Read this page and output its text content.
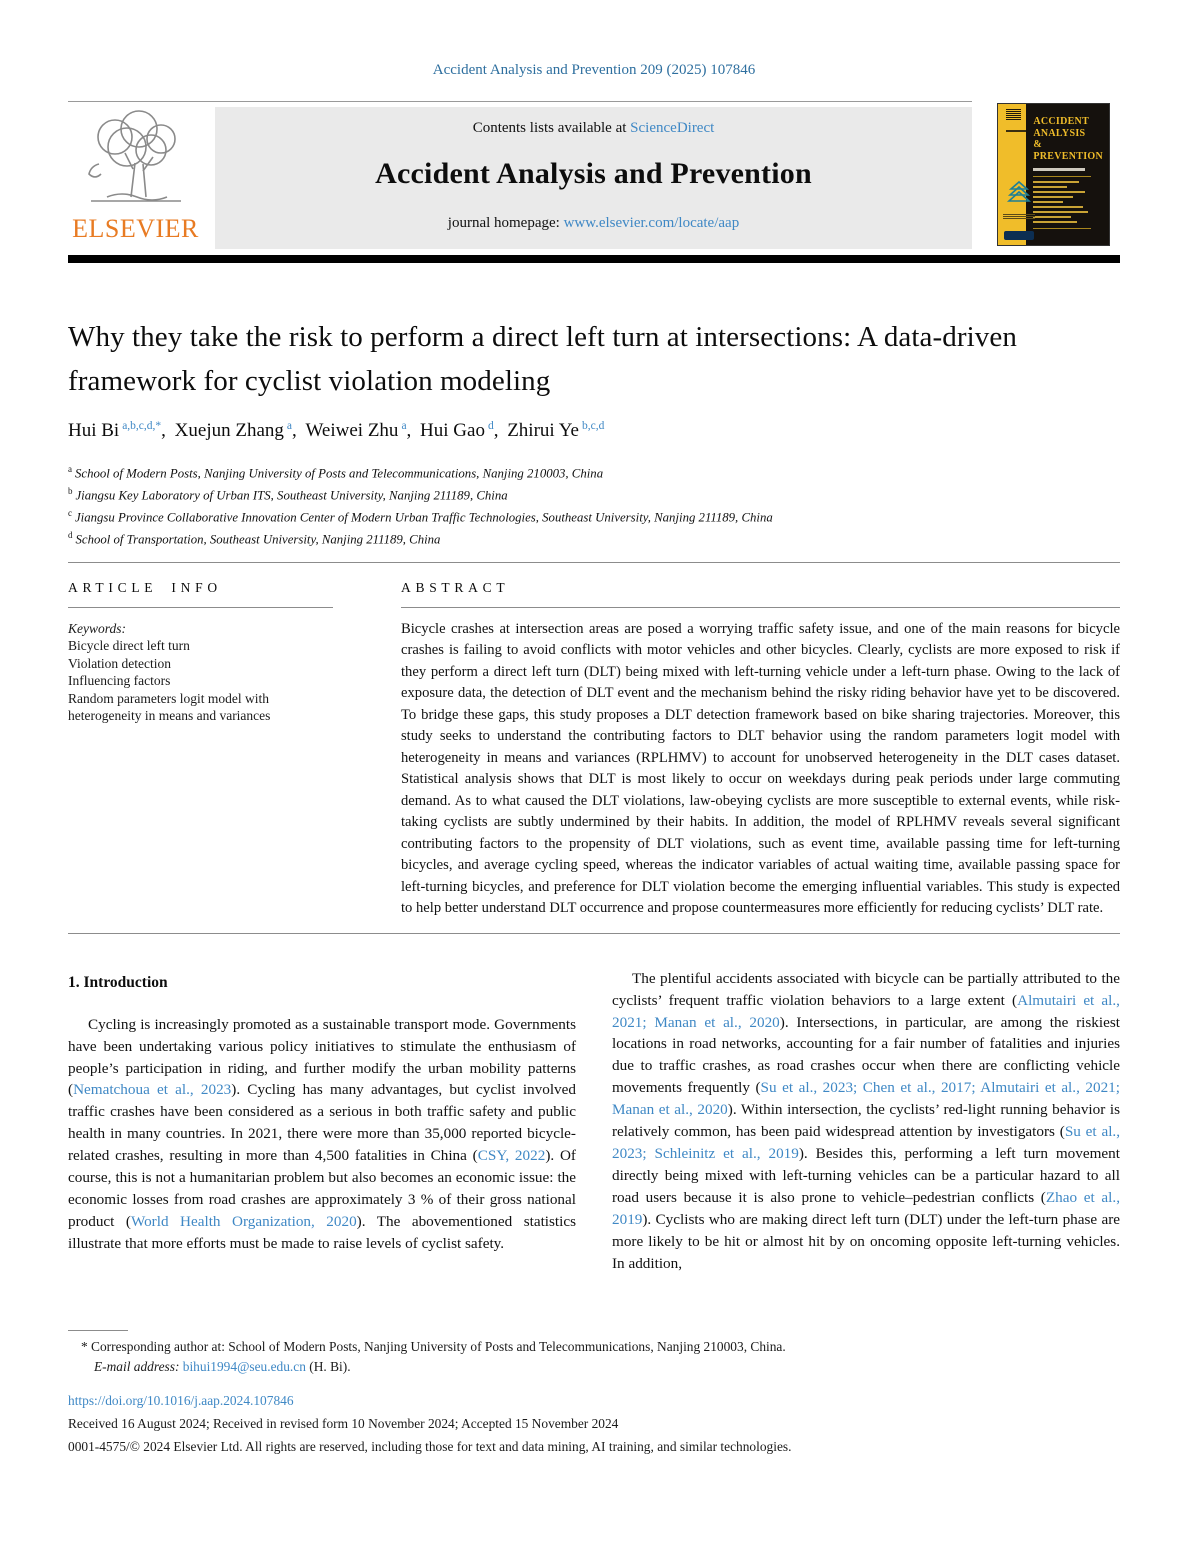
Accident Analysis and Prevention 209 (2025) 107846
ELSEVIER
Contents lists available at ScienceDirect
Accident Analysis and Prevention
journal homepage: www.elsevier.com/locate/aap
ACCIDENT
ANALYSIS
&
PREVENTION
Why they take the risk to perform a direct left turn at intersections: A data-driven framework for cyclist violation modeling
Hui Bi $^{a,b,c,d,*}$, Xuejun Zhang $^a$, Weiwei Zhu $^a$, Hui Gao $^d$, Zhirui Ye $^{b,c,d}$
$^a$ School of Modern Posts, Nanjing University of Posts and Telecommunications, Nanjing 210003, China
$^b$ Jiangsu Key Laboratory of Urban ITS, Southeast University, Nanjing 211189, China
$^c$ Jiangsu Province Collaborative Innovation Center of Modern Urban Traffic Technologies, Southeast University, Nanjing 211189, China
$^d$ School of Transportation, Southeast University, Nanjing 211189, China
ARTICLE INFO
Keywords:
Bicycle direct left turn
Violation detection
Influencing factors
Random parameters logit model with heterogeneity in means and variances
ABSTRACT

Bicycle crashes at intersection areas are posed a worrying traffic safety issue, and one of the main reasons for bicycle crashes is failing to avoid conflicts with motor vehicles and other bicycles. Clearly, cyclists are more exposed to risk if they perform a direct left turn (DLT) being mixed with left-turning vehicle under a left-turn phase. Owing to the lack of exposure data, the detection of DLT event and the mechanism behind the risky riding behavior have yet to be discovered. To bridge these gaps, this study proposes a DLT detection framework based on bike sharing trajectories. Moreover, this study seeks to understand the contributing factors to DLT behavior using the random parameters logit model with heterogeneity in means and variances (RPLHMV) to account for unobserved heterogeneity in the DLT cases dataset. Statistical analysis shows that DLT is most likely to occur on weekdays during peak periods under large commuting demand. As to what caused the DLT violations, law-obeying cyclists are more susceptible to external events, while risk-taking cyclists are subtly undermined by their habits. In addition, the model of RPLHMV reveals several significant contributing factors to the propensity of DLT violations, such as event time, available passing time for left-turning bicycles, and average cycling speed, whereas the indicator variables of actual waiting time, available passing space for left-turning bicycles, and preference for DLT violation become the emerging influential variables. This study is expected to help better understand DLT occurrence and propose countermeasures more efficiently for reducing cyclists’ DLT rate.

1. Introduction

Cycling is increasingly promoted as a sustainable transport mode. Governments have been undertaking various policy initiatives to stimulate the enthusiasm of people’s participation in riding, and further modify the urban mobility patterns (Nematchoua et al., 2023). Cycling has many advantages, but cyclist involved traffic crashes have been considered as a serious in both traffic safety and public health in many countries. In 2021, there were more than 35,000 reported bicycle-related crashes, resulting in more than 4,500 fatalities in China (CSY, 2022). Of course, this is not a humanitarian problem but also becomes an economic issue: the economic losses from road crashes are approximately 3 % of their gross national product (World Health Organization, 2020). The abovementioned statistics illustrate that more efforts must be made to raise levels of cyclist safety.

The plentiful accidents associated with bicycle can be partially attributed to the cyclists’ frequent traffic violation behaviors to a large extent (Almutairi et al., 2021; Manan et al., 2020). Intersections, in particular, are among the riskiest locations in road networks, accounting for a fair number of fatalities and injuries due to traffic crashes, as road crashes occur when there are conflicting vehicle movements frequently (Su et al., 2023; Chen et al., 2017; Almutairi et al., 2021; Manan et al., 2020). Within intersection, the cyclists’ red-light running behavior is relatively common, has been paid widespread attention by investigators (Su et al., 2023; Schleinitz et al., 2019). Besides this, performing a left turn movement directly being mixed with left-turning vehicles can be a particular hazard to all road users because it is also prone to vehicle–pedestrian conflicts (Zhao et al., 2019). Cyclists who are making direct left turn (DLT) under the left-turn phase are more likely to be hit or almost hit by on oncoming opposite left-turning vehicles. In addition,

* Corresponding author at: School of Modern Posts, Nanjing University of Posts and Telecommunications, Nanjing 210003, China.

E-mail address: bihui1994@seu.edu.cn (H. Bi).

https://doi.org/10.1016/j.aap.2024.107846

Received 16 August 2024; Received in revised form 10 November 2024; Accepted 15 November 2024

0001-4575/© 2024 Elsevier Ltd. All rights are reserved, including those for text and data mining, AI training, and similar technologies.
